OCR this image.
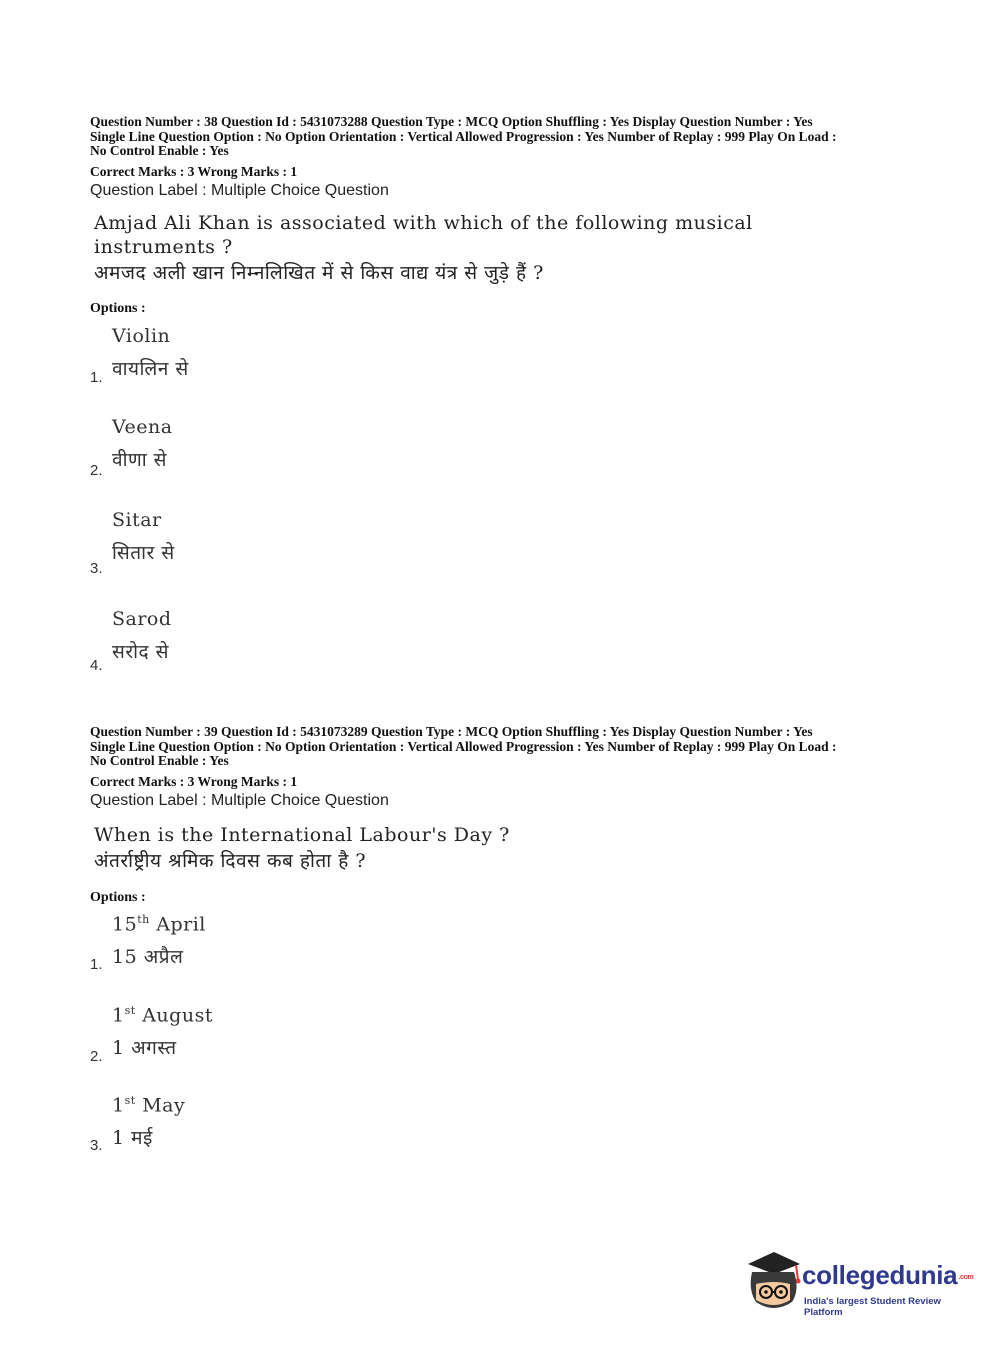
Question Number : 38 Question Id : 5431073288 Question Type : MCQ Option Shuffling : Yes Display Question Number : Yes
Single Line Question Option : No Option Orientation : Vertical Allowed Progression : Yes Number of Replay : 999 Play On Load :
No Control Enable : Yes
Correct Marks : 3 Wrong Marks : 1
Question Label : Multiple Choice Question
Amjad Ali Khan is associated with which of the following musical instruments ?
अमजद अली खान निम्नलिखित में से किस वाद्य यंत्र से जुड़े हैं ?
Options :
Violin
वायलिन से
1.
Veena
वीणा से
2.
Sitar
सितार से
3.
Sarod
सरोद से
4.
Question Number : 39 Question Id : 5431073289 Question Type : MCQ Option Shuffling : Yes Display Question Number : Yes
Single Line Question Option : No Option Orientation : Vertical Allowed Progression : Yes Number of Replay : 999 Play On Load :
No Control Enable : Yes
Correct Marks : 3 Wrong Marks : 1
Question Label : Multiple Choice Question
When is the International Labour's Day ?
अंतर्राष्ट्रीय श्रमिक दिवस कब होता है ?
Options :
15th April
15 अप्रैल
1.
1st August
1 अगस्त
2.
1st May
1 मई
3.
collegedunia.com
India's largest Student Review Platform
